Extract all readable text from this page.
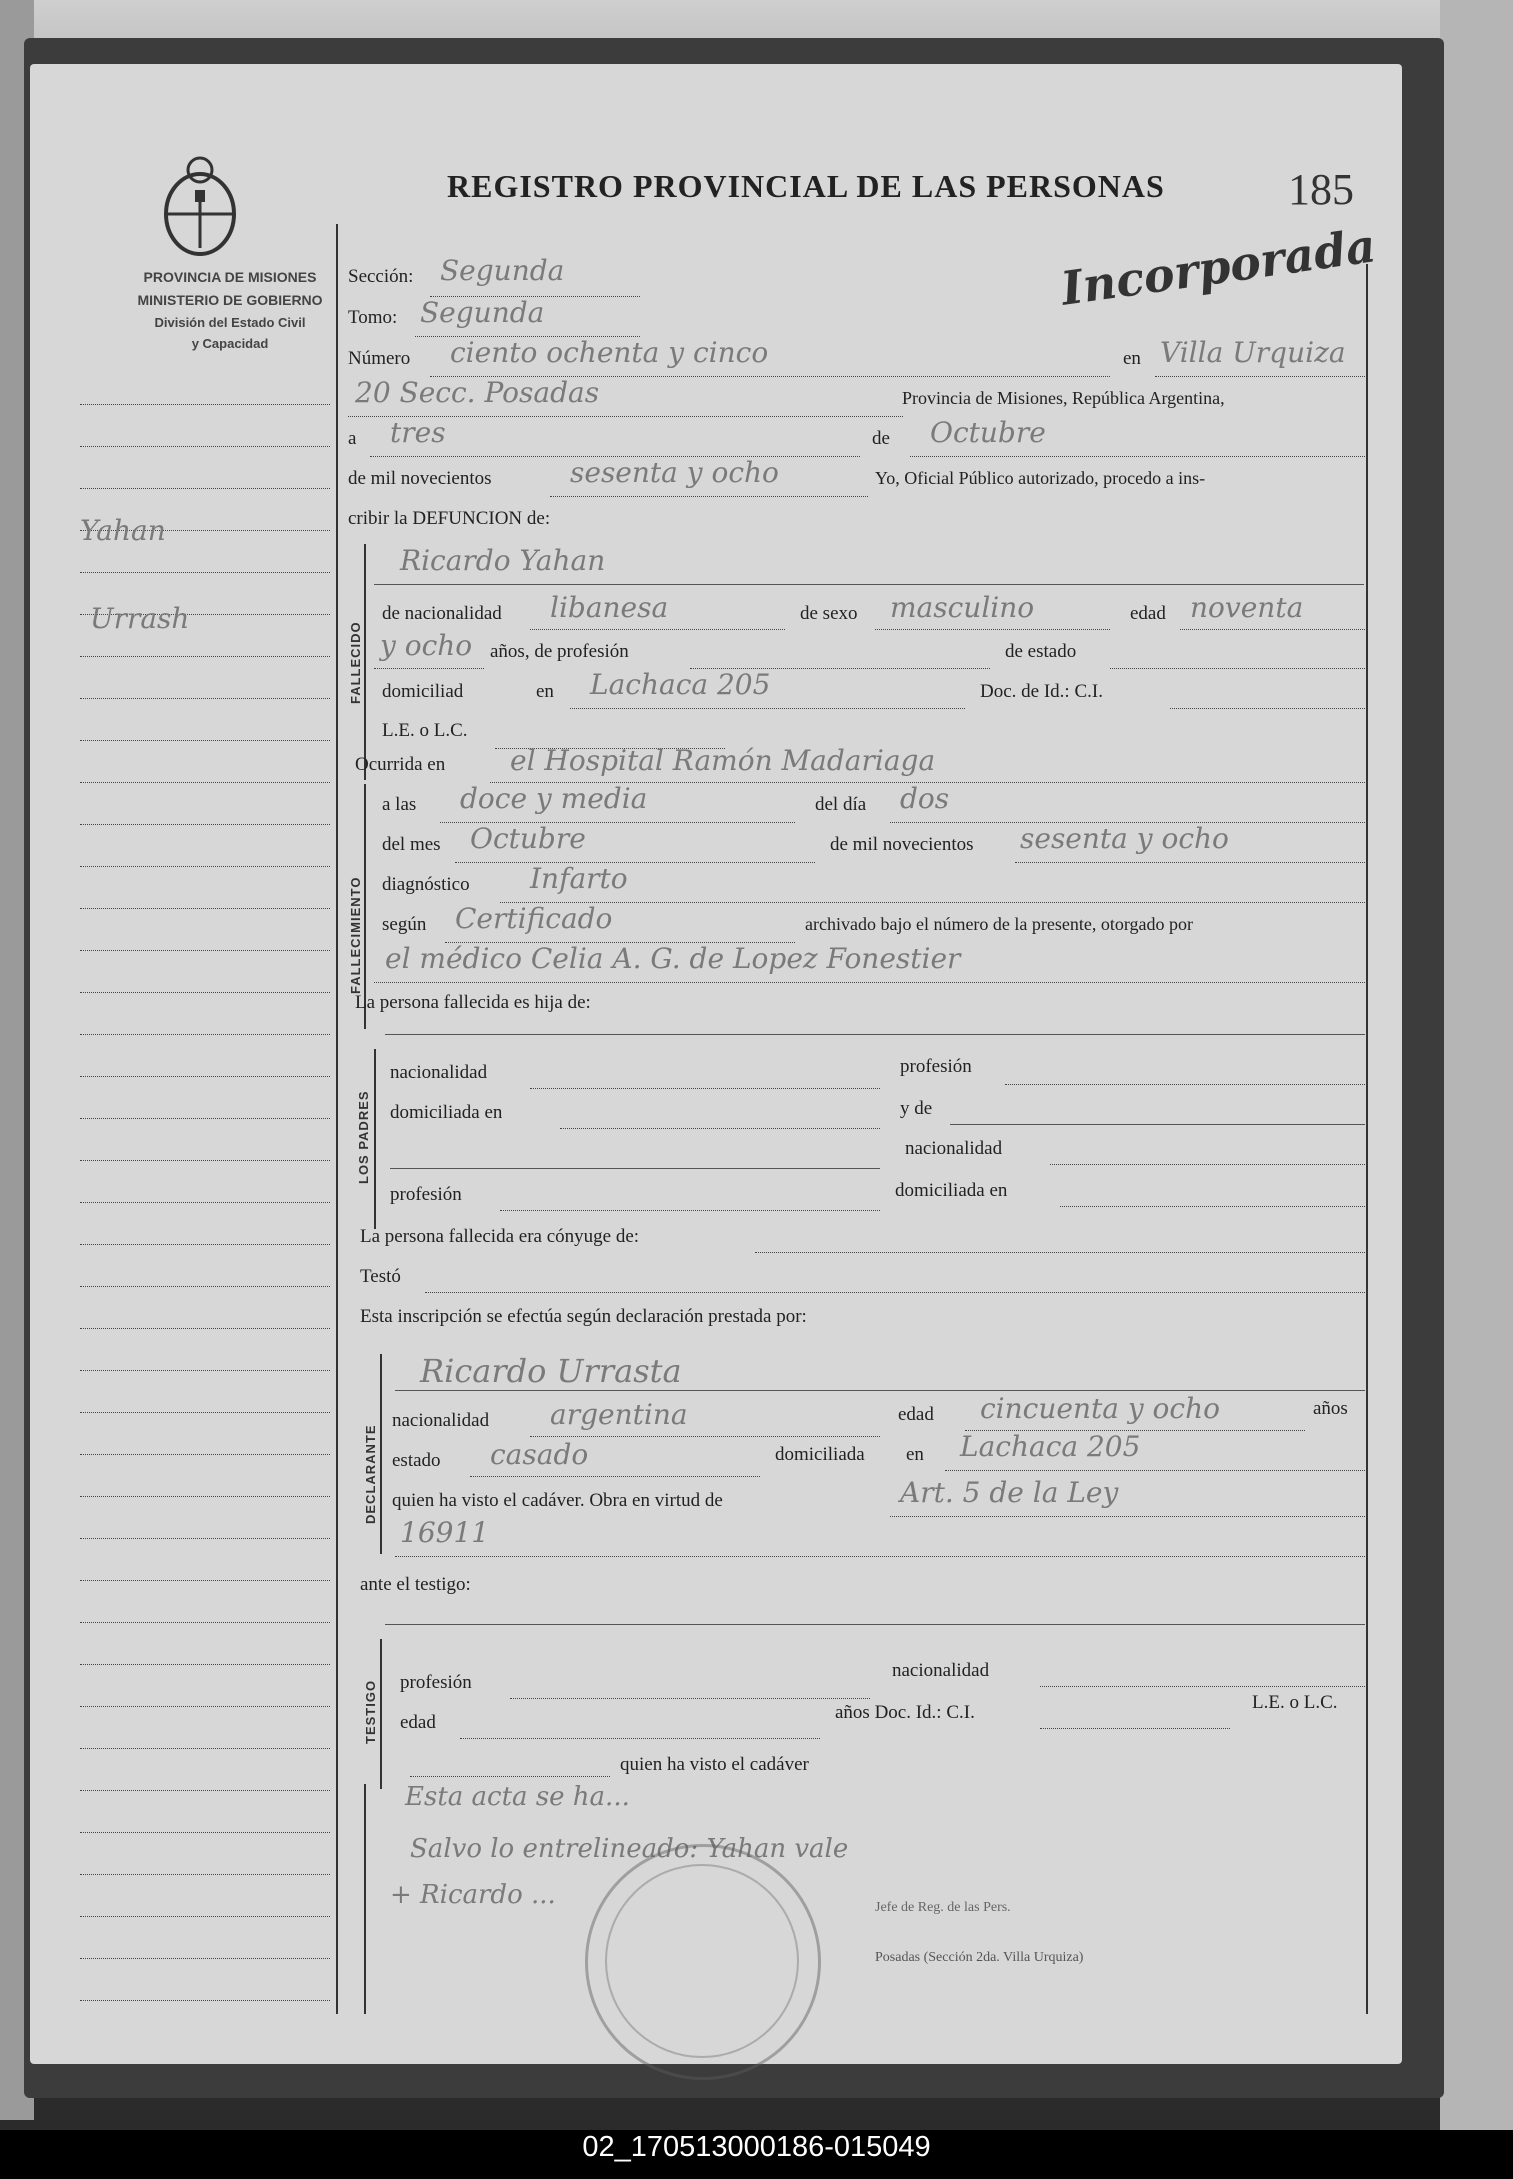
PROVINCIA DE MISIONES
MINISTERIO DE GOBIERNO
División del Estado Civil
y Capacidad
185
REGISTRO PROVINCIAL DE LAS PERSONAS
Incorporada
Yahan
Urrash
Sección: Segunda
Tomo: Segunda
Número ciento ochenta y cinco	en Villa Urquiza
20 Secc. Posadas	Provincia de Misiones, República Argentina,
a tres	de Octubre
de mil novecientos	sesenta y ocho	Yo, Oficial Público autorizado, procedo a ins-
cribir la DEFUNCION de:
FALLECIDO
Ricardo Yahan
de nacionalidad libanesa	de sexo masculino	edad noventa
y ocho años, de profesión	de estado
domiciliad	en Lachaca 205	Doc. de Id.: C.I.
L.E. o L.C.
Ocurrida en el Hospital Ramón Madariaga
FALLECIMIENTO
a las doce y media	del día dos
del mes Octubre	de mil novecientos sesenta y ocho
diagnóstico Infarto
según Certificado	archivado bajo el número de la presente, otorgado por
el médico Celia A. G. de Lopez Fonestier
La persona fallecida es hija de:
LOS PADRES
nacionalidad	profesión
domiciliada en	y de
nacionalidad
profesión	domiciliada en
La persona fallecida era cónyuge de:
Testó
Esta inscripción se efectúa según declaración prestada por:
DECLARANTE
Ricardo Urrasta
nacionalidad argentina	edad cincuenta y ocho	años
estado casado	domiciliada en Lachaca 205
quien ha visto el cadáver. Obra en virtud de	Art. 5 de la Ley
16911
ante el testigo:
TESTIGO profesión
nacionalidad
edad	años Doc. Id.: C.I.	L.E. o L.C.
quien ha visto el cadáver
Esta acta se ha...
Salvo lo entrelineado: Yahan vale
+ Ricardo ...	Jefe de Reg. de las Pers.
Posadas (Sección 2da. Villa Urquiza)
02_170513000186-015049
